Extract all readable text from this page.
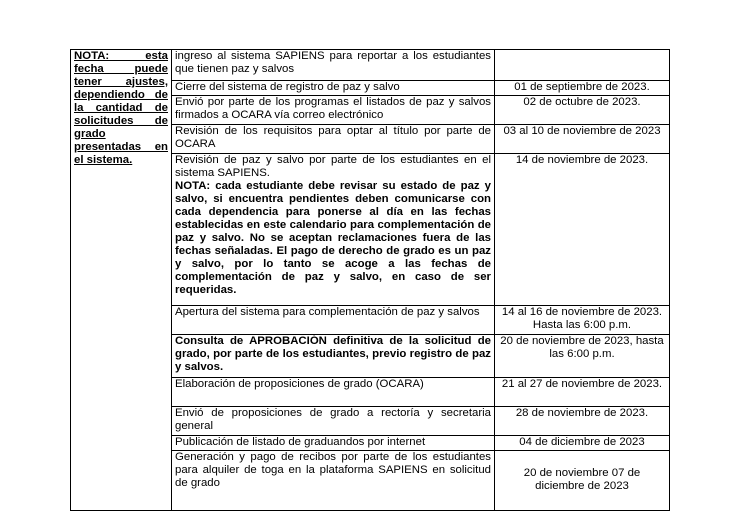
NOTA: esta fecha puede tener ajustes, dependiendo de la cantidad de solicitudes de grado presentadas en el sistema.	ingreso al sistema SAPIENS para reportar a los estudiantes que tienen paz y salvos	
	Cierre del sistema de registro de paz y salvo	01 de septiembre de 2023.
	Envió por parte de los programas el listados de paz y salvos firmados a OCARA vía correo electrónico	02 de octubre de 2023.
	Revisión de los requisitos para optar al título por parte de OCARA	03 al 10 de noviembre de 2023
	Revisión de paz y salvo por parte de los estudiantes en el sistema SAPIENS.
NOTA: cada estudiante debe revisar su estado de paz y salvo, si encuentra pendientes deben comunicarse con cada dependencia para ponerse al día en las fechas establecidas en este calendario para complementación de paz y salvo. No se aceptan reclamaciones fuera de las fechas señaladas. El pago de derecho de grado es un paz y salvo, por lo tanto se acoge a las fechas de complementación de paz y salvo, en caso de ser requeridas.	14 de noviembre de 2023.
	Apertura del sistema para complementación de paz y salvos	14 al 16 de noviembre de 2023. Hasta las 6:00 p.m.
	Consulta de APROBACIÓN definitiva de la solicitud de grado, por parte de los estudiantes, previo registro de paz y salvos.	20 de noviembre de 2023, hasta las 6:00 p.m.
	Elaboración de proposiciones de grado (OCARA)	21 al 27 de noviembre de 2023.
	Envió de proposiciones de grado a rectoría y secretaria general	28 de noviembre de 2023.
	Publicación de listado de graduandos por internet	04 de diciembre de 2023
	Generación y pago de recibos por parte de los estudiantes para alquiler de toga en la plataforma SAPIENS en solicitud de grado	20 de noviembre 07 de diciembre de 2023
